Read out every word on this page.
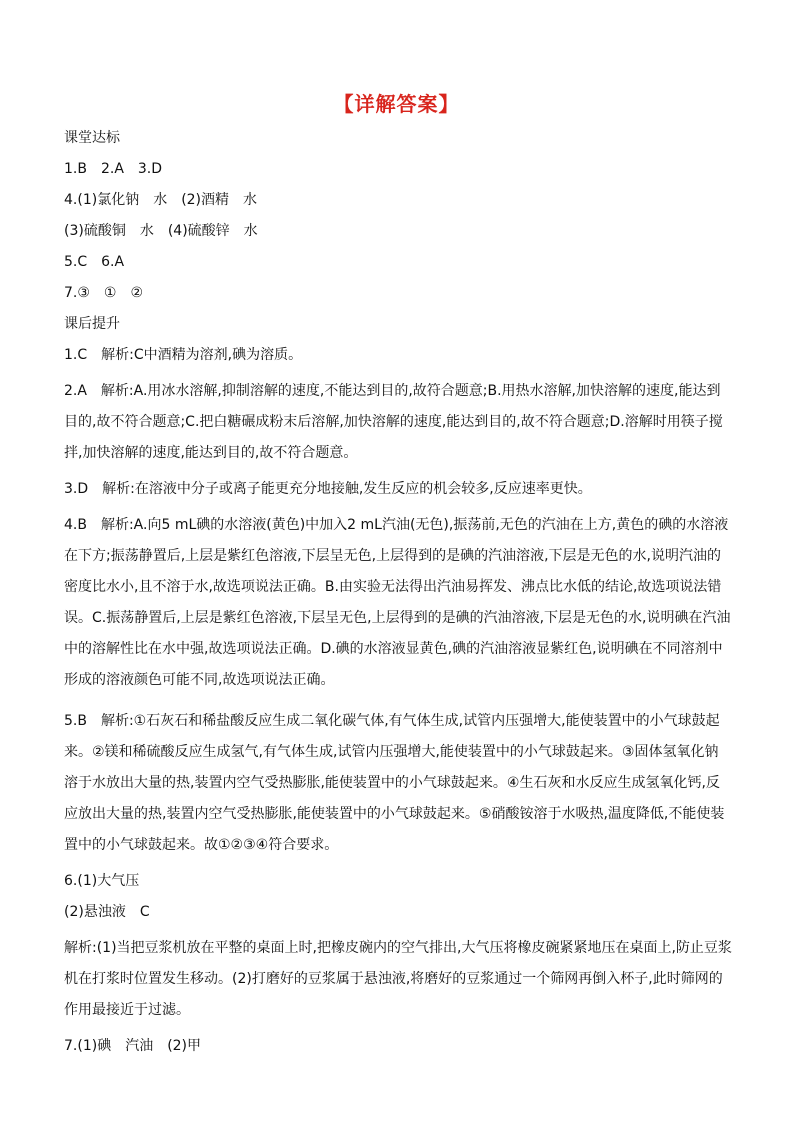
【详解答案】
课堂达标
1.B　2.A　3.D
4.(1)氯化钠　水　(2)酒精　水
(3)硫酸铜　水　(4)硫酸锌　水
5.C　6.A
7.③　①　②
课后提升
1.C　解析:C中酒精为溶剂,碘为溶质。
2.A　解析:A.用冰水溶解,抑制溶解的速度,不能达到目的,故符合题意;B.用热水溶解,加快溶解的速度,能达到目的,故不符合题意;C.把白糖碾成粉末后溶解,加快溶解的速度,能达到目的,故不符合题意;D.溶解时用筷子搅拌,加快溶解的速度,能达到目的,故不符合题意。
3.D　解析:在溶液中分子或离子能更充分地接触,发生反应的机会较多,反应速率更快。
4.B　解析:A.向5 mL碘的水溶液(黄色)中加入2 mL汽油(无色),振荡前,无色的汽油在上方,黄色的碘的水溶液在下方;振荡静置后,上层是紫红色溶液,下层呈无色,上层得到的是碘的汽油溶液,下层是无色的水,说明汽油的密度比水小,且不溶于水,故选项说法正确。B.由实验无法得出汽油易挥发、沸点比水低的结论,故选项说法错误。C.振荡静置后,上层是紫红色溶液,下层呈无色,上层得到的是碘的汽油溶液,下层是无色的水,说明碘在汽油中的溶解性比在水中强,故选项说法正确。D.碘的水溶液显黄色,碘的汽油溶液显紫红色,说明碘在不同溶剂中形成的溶液颜色可能不同,故选项说法正确。
5.B　解析:①石灰石和稀盐酸反应生成二氧化碳气体,有气体生成,试管内压强增大,能使装置中的小气球鼓起来。②镁和稀硫酸反应生成氢气,有气体生成,试管内压强增大,能使装置中的小气球鼓起来。③固体氢氧化钠溶于水放出大量的热,装置内空气受热膨胀,能使装置中的小气球鼓起来。④生石灰和水反应生成氢氧化钙,反应放出大量的热,装置内空气受热膨胀,能使装置中的小气球鼓起来。⑤硝酸铵溶于水吸热,温度降低,不能使装置中的小气球鼓起来。故①②③④符合要求。
6.(1)大气压
(2)悬浊液　C
解析:(1)当把豆浆机放在平整的桌面上时,把橡皮碗内的空气排出,大气压将橡皮碗紧紧地压在桌面上,防止豆浆机在打浆时位置发生移动。(2)打磨好的豆浆属于悬浊液,将磨好的豆浆通过一个筛网再倒入杯子,此时筛网的作用最接近于过滤。
7.(1)碘　汽油　(2)甲
